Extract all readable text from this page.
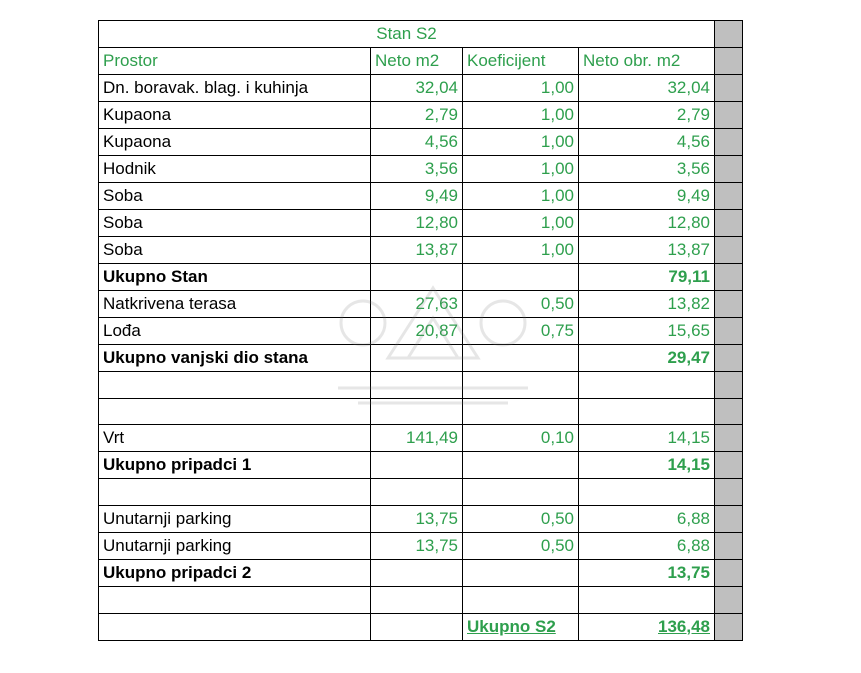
Stan S2				
Prostor	Neto m2	Koeficijent	Neto obr. m2	
Dn. boravak. blag. i kuhinja	32,04	1,00	32,04	
Kupaona	2,79	1,00	2,79	
Kupaona	4,56	1,00	4,56	
Hodnik	3,56	1,00	3,56	
Soba	9,49	1,00	9,49	
Soba	12,80	1,00	12,80	
Soba	13,87	1,00	13,87	
Ukupno Stan			79,11	
Natkrivena terasa	27,63	0,50	13,82	
Lođa	20,87	0,75	15,65	
Ukupno vanjski dio stana			29,47	

Vrt	141,49	0,10	14,15	
Ukupno pripadci 1			14,15	

Unutarnji parking	13,75	0,50	6,88	
Unutarnji parking	13,75	0,50	6,88	
Ukupno pripadci 2			13,75	

		Ukupno S2	136,48	
